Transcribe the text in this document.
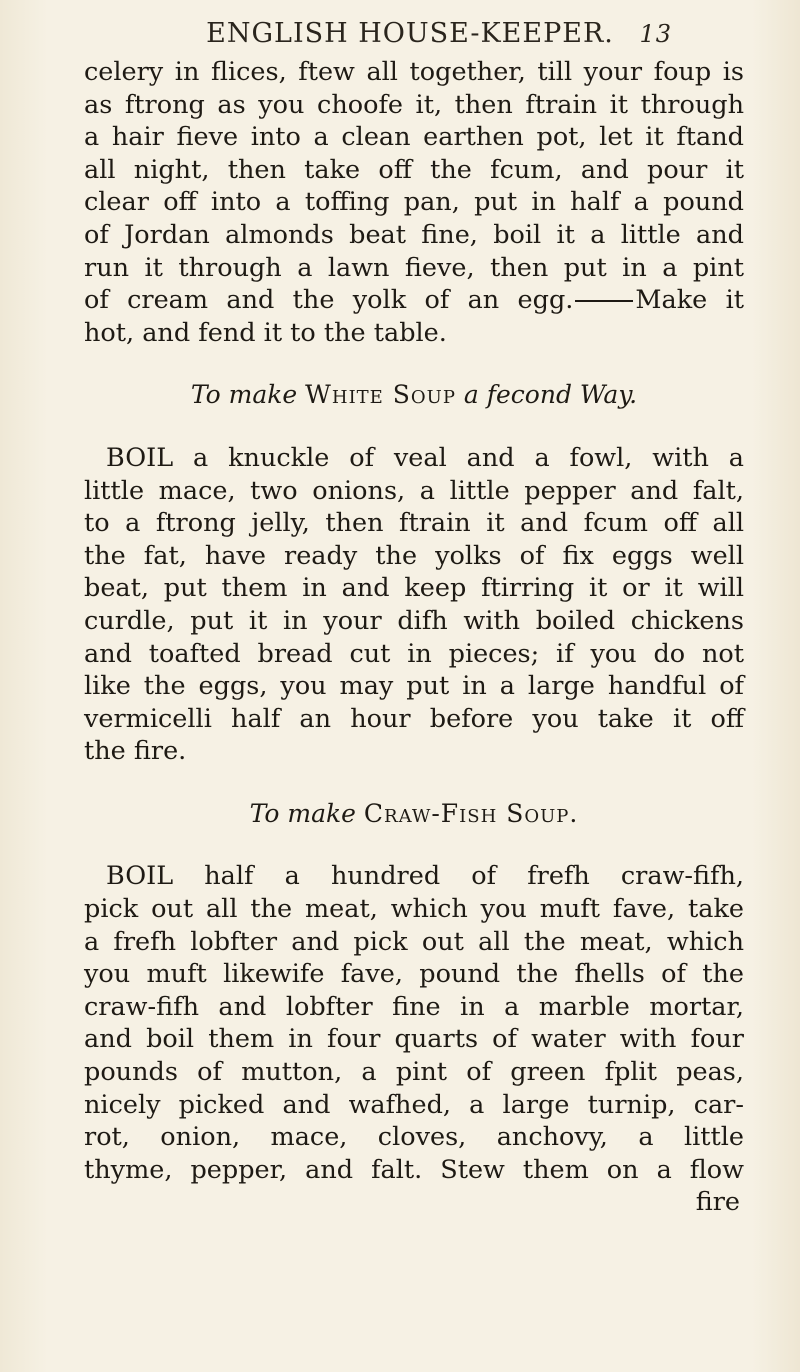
ENGLISH HOUSE-KEEPER. 13

celery in flices, ftew all together, till your foup is
as ftrong as you choofe it, then ftrain it through
a hair fieve into a clean earthen pot, let it ftand
all night, then take off the fcum, and pour it
clear off into a toffing pan, put in half a pound
of Jordan almonds beat fine, boil it a little and
run it through a lawn fieve, then put in a pint
of cream and the yolk of an egg. Make it
hot, and fend it to the table.

To make White Soup a fecond Way.

BOIL a knuckle of veal and a fowl, with a
little mace, two onions, a little pepper and falt,
to a ftrong jelly, then ftrain it and fcum off all
the fat, have ready the yolks of fix eggs well
beat, put them in and keep ftirring it or it will
curdle, put it in your difh with boiled chickens
and toafted bread cut in pieces; if you do not
like the eggs, you may put in a large handful of
vermicelli half an hour before you take it off
the fire.

To make Craw-Fish Soup.

BOIL half a hundred of frefh craw-fifh,
pick out all the meat, which you muft fave, take
a frefh lobfter and pick out all the meat, which
you muft likewife fave, pound the fhells of the
craw-fifh and lobfter fine in a marble mortar,
and boil them in four quarts of water with four
pounds of mutton, a pint of green fplit peas,
nicely picked and wafhed, a large turnip, car-
rot, onion, mace, cloves, anchovy, a little
thyme, pepper, and falt. Stew them on a flow
fire
